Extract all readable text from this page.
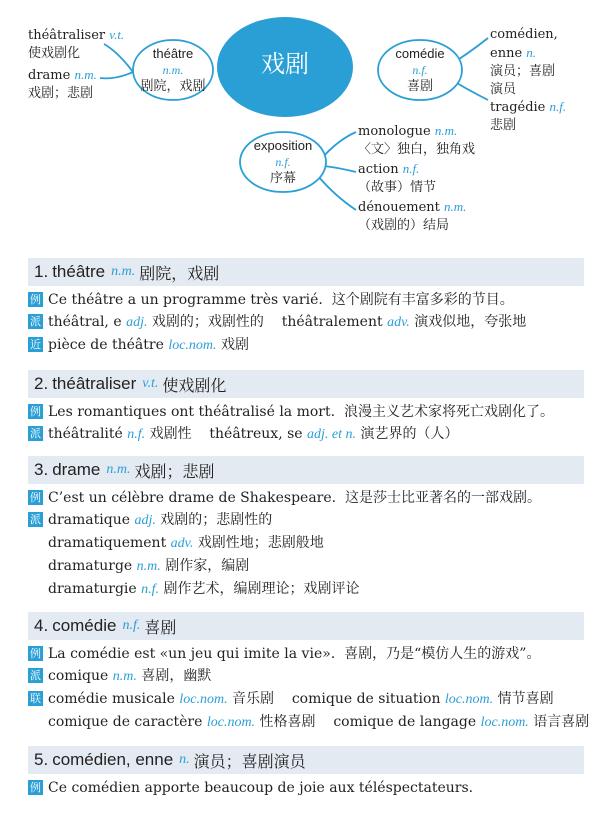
戏剧
théâtraliser v.t.
使戏剧化
drame n.m.
戏剧；悲剧
théâtre
n.m.
剧院，戏剧
comédie
n.f.
喜剧
exposition
n.f.
序幕
comédien,
enne n.
演员；喜剧
演员
tragédie n.f.
悲剧
monologue n.m.
〈文〉独白，独角戏
action n.f.
（故事）情节
dénouement n.m.
（戏剧的）结局
1. théâtre n.m. 剧院，戏剧
例 Ce théâtre a un programme très varié.  这个剧院有丰富多彩的节目。
派 théâtral, e adj. 戏剧的；戏剧性的    théâtralement adv. 演戏似地，夸张地
近 pièce de théâtre loc.nom. 戏剧
2. théâtraliser v.t. 使戏剧化
例 Les romantiques ont théâtralisé la mort.  浪漫主义艺术家将死亡戏剧化了。
派 théâtralité n.f. 戏剧性    théâtreux, se adj. et n. 演艺界的（人）
3. drame n.m. 戏剧；悲剧
例 C’est un célèbre drame de Shakespeare.  这是莎士比亚著名的一部戏剧。
派 dramatique adj. 戏剧的；悲剧性的
dramatiquement adv. 戏剧性地；悲剧般地
dramaturge n.m. 剧作家，编剧
dramaturgie n.f. 剧作艺术，编剧理论；戏剧评论
4. comédie n.f. 喜剧
例 La comédie est «un jeu qui imite la vie».  喜剧，乃是“模仿人生的游戏”。
派 comique n.m. 喜剧，幽默
联 comédie musicale loc.nom. 音乐剧    comique de situation loc.nom. 情节喜剧
comique de caractère loc.nom. 性格喜剧    comique de langage loc.nom. 语言喜剧
5. comédien, enne n. 演员；喜剧演员
例 Ce comédien apporte beaucoup de joie aux téléspectateurs.
